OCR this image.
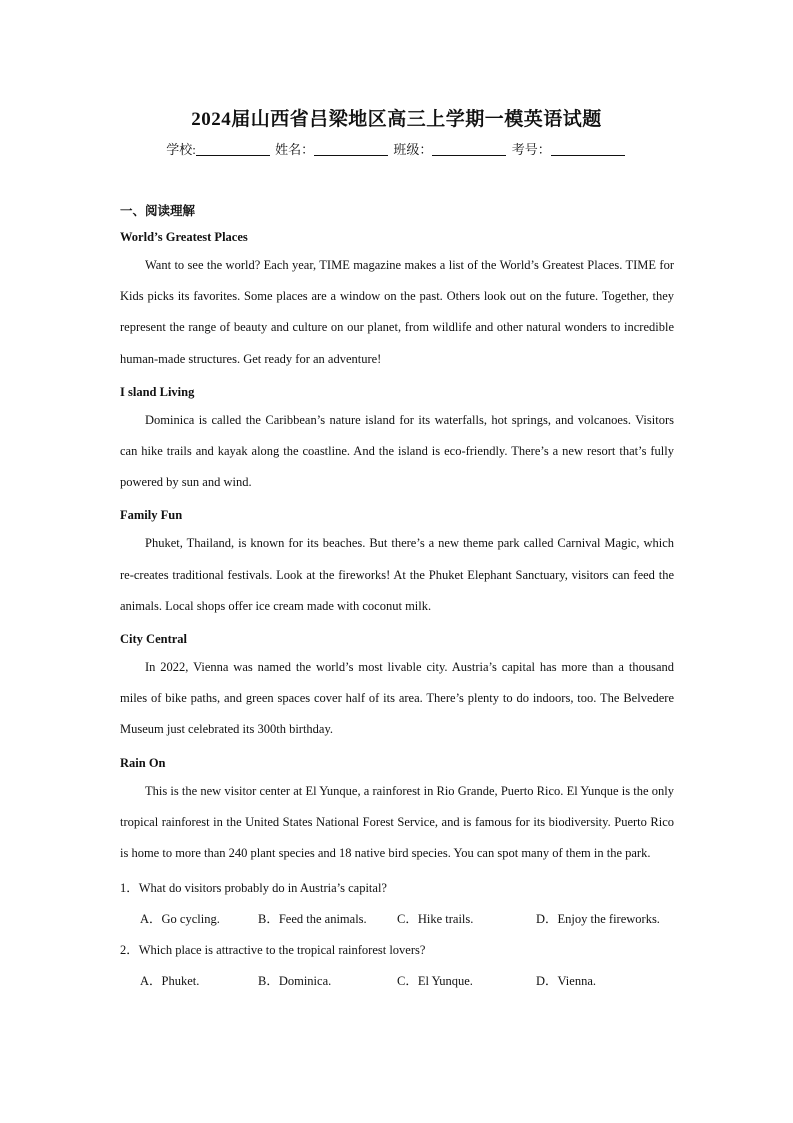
2024届山西省吕梁地区高三上学期一模英语试题
学校:	姓名：	班级：	考号：
一、阅读理解
World’s Greatest Places

Want to see the world? Each year, TIME magazine makes a list of the World’s Greatest Places. TIME for Kids picks its favorites. Some places are a window on the past. Others look out on the future. Together, they represent the range of beauty and culture on our planet, from wildlife and other natural wonders to incredible human-made structures. Get ready for an adventure!

I sland Living

Dominica is called the Caribbean’s nature island for its waterfalls, hot springs, and volcanoes. Visitors can hike trails and kayak along the coastline. And the island is eco-friendly. There’s a new resort that’s fully powered by sun and wind.

Family Fun

Phuket, Thailand, is known for its beaches. But there’s a new theme park called Carnival Magic, which re-creates traditional festivals. Look at the fireworks! At the Phuket Elephant Sanctuary, visitors can feed the animals. Local shops offer ice cream made with coconut milk.

City Central

In 2022, Vienna was named the world’s most livable city. Austria’s capital has more than a thousand miles of bike paths, and green spaces cover half of its area. There’s plenty to do indoors, too. The Belvedere Museum just celebrated its 300th birthday.

Rain On

This is the new visitor center at El Yunque, a rainforest in Rio Grande, Puerto Rico. El Yunque is the only tropical rainforest in the United States National Forest Service, and is famous for its biodiversity. Puerto Rico is home to more than 240 plant species and 18 native bird species. You can spot many of them in the park.

1．What do visitors probably do in Austria’s capital?
A．Go cycling.	B．Feed the animals.	C．Hike trails.	D．Enjoy the fireworks.
2．Which place is attractive to the tropical rainforest lovers?
A．Phuket.	B．Dominica.	C．El Yunque.	D．Vienna.
